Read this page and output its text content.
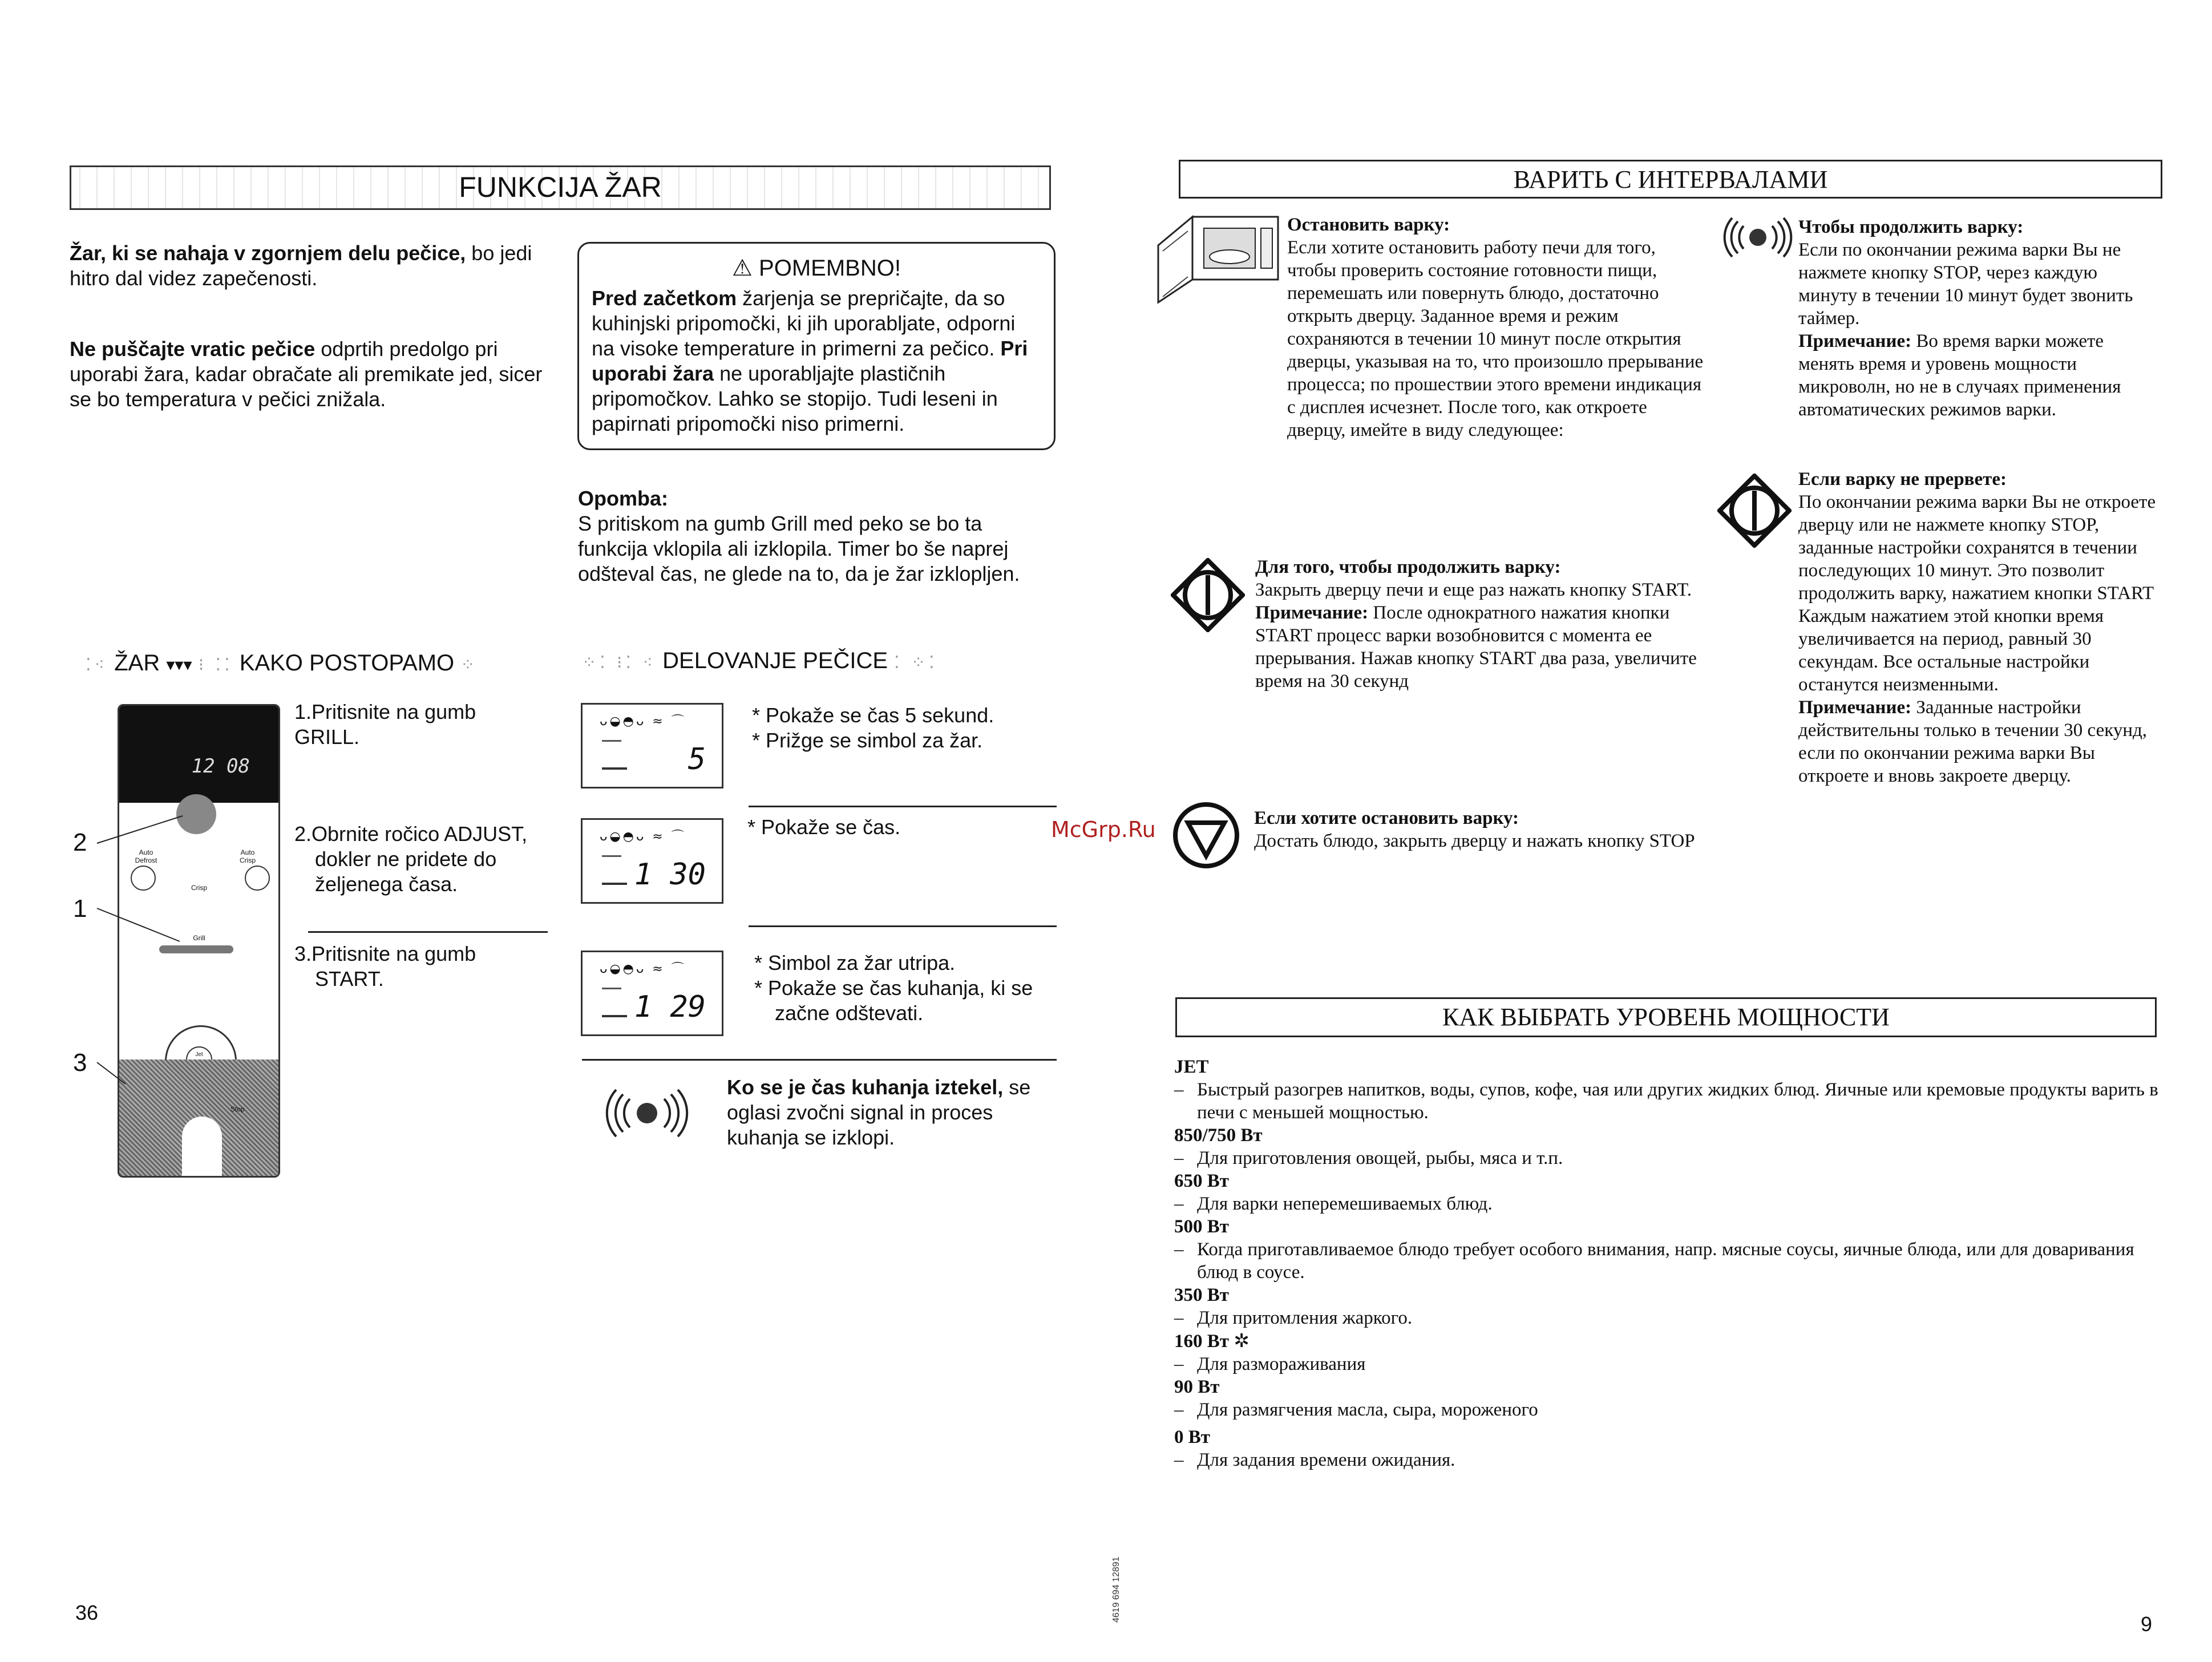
FUNKCIJA ŽAR
Žar, ki se nahaja v zgornjem delu pečice, bo jedi hitro dal videz zapečenosti.
Ne puščajte vratic pečice odprtih predolgo pri uporabi žara, kadar obračate ali premikate jed, sicer se bo temperatura v pečici znižala.
⚠ POMEMBNO!
Pred začetkom žarjenja se prepričajte, da so kuhinjski pripomočki, ki jih uporabljate, odporni na visoke temperature in primerni za pečico. Pri uporabi žara ne uporabljajte plastičnih pripomočkov. Lahko se stopijo. Tudi leseni in papirnati pripomočki niso primerni.
Opomba:
S pritiskom na gumb Grill med peko se bo ta funkcija vklopila ali izklopila. Timer bo še naprej odšteval čas, ne glede na to, da je žar izklopljen.
⁚⁖ ŽAR ▾▾▾ ⁝ ⁚⁚ KAKO POSTOPAMO ⁘	⁘⁚ ⁝⁚ ⁖ DELOVANJE PEČICE ⁚ ⁘⁚
12 08
Auto Defrost
Auto Crisp
Crisp
Grill
Jet

Stop
2
1
3
1.Pritisnite na gumb GRILL.
2.Obrnite ročico ADJUST, dokler ne pridete do željenega časa.
3.Pritisnite na gumb START.
ᴗ◒◓ᴗ ≈ ⌒
5
* Pokaže se čas 5 sekund.
* Prižge se simbol za žar.
ᴗ◒◓ᴗ ≈ ⌒
1 30
* Pokaže se čas.
ᴗ◒◓ᴗ ≈ ⌒
1 29
* Simbol za žar utripa.
* Pokaže se čas kuhanja, ki se začne odštevati.
Ko se je čas kuhanja iztekel, se oglasi zvočni signal in proces kuhanja se izklopi.
36
McGrp.Ru
4619 694 12891
ВАРИТЬ С ИНТЕРВАЛАМИ
Остановить варку:
Если хотите остановить работу печи для того, чтобы проверить состояние готовности пищи, перемешать или повернуть блюдо, достаточно открыть дверцу. Заданное время и режим сохраняются в течении 10 минут после открытия дверцы, указывая на то, что произошло прерывание процесса; по прошествии этого времени индикация с дисплея исчезнет. После того, как откроете дверцу, имейте в виду следующее:
Для того, чтобы продолжить варку:
Закрыть дверцу печи и еще раз нажать кнопку START.
Примечание: После однократного нажатия кнопки START процесс варки возобновится с момента ее прерывания. Нажав кнопку START два раза, увеличите время на 30 секунд
Если хотите остановить варку:
Достать блюдо, закрыть дверцу и нажать кнопку STOP
Чтобы продолжить варку:
Если по окончании режима варки Вы не нажмете кнопку STOP, через каждую минуту в течении 10 минут будет звонить таймер.
Примечание: Во время варки можете менять время и уровень мощности микроволн, но не в случаях применения автоматических режимов варки.
Если варку не прервете:
По окончании режима варки Вы не откроете дверцу или не нажмете кнопку STOP, заданные настройки сохранятся в течении последующих 10 минут. Это позволит продолжить варку, нажатием кнопки START Каждым нажатием этой кнопки время увеличивается на период, равный 30 секундам. Все остальные настройки останутся неизменными.
Примечание: Заданные настройки действительны только в течении 30 секунд, если по окончании режима варки Вы откроете и вновь закроете дверцу.
КАК ВЫБРАТЬ УРОВЕНЬ МОЩНОСТИ
JET
– Быстрый разогрев напитков, воды, супов, кофе, чая или других жидких блюд. Яичные или кремовые продукты варить в печи с меньшей мощностью.
850/750 Вт
– Для приготовления овощей, рыбы, мяса и т.п.
650 Вт
– Для варки неперемешиваемых блюд.
500 Вт
– Когда приготавливаемое блюдо требует особого внимания, напр. мясные соусы, яичные блюда, или для доваривания блюд в соусе.
350 Вт
– Для притомления жаркого.
160 Вт ✲
– Для размораживания
90 Вт
– Для размягчения масла, сыра, мороженого
0 Вт
– Для задания времени ожидания.
9
